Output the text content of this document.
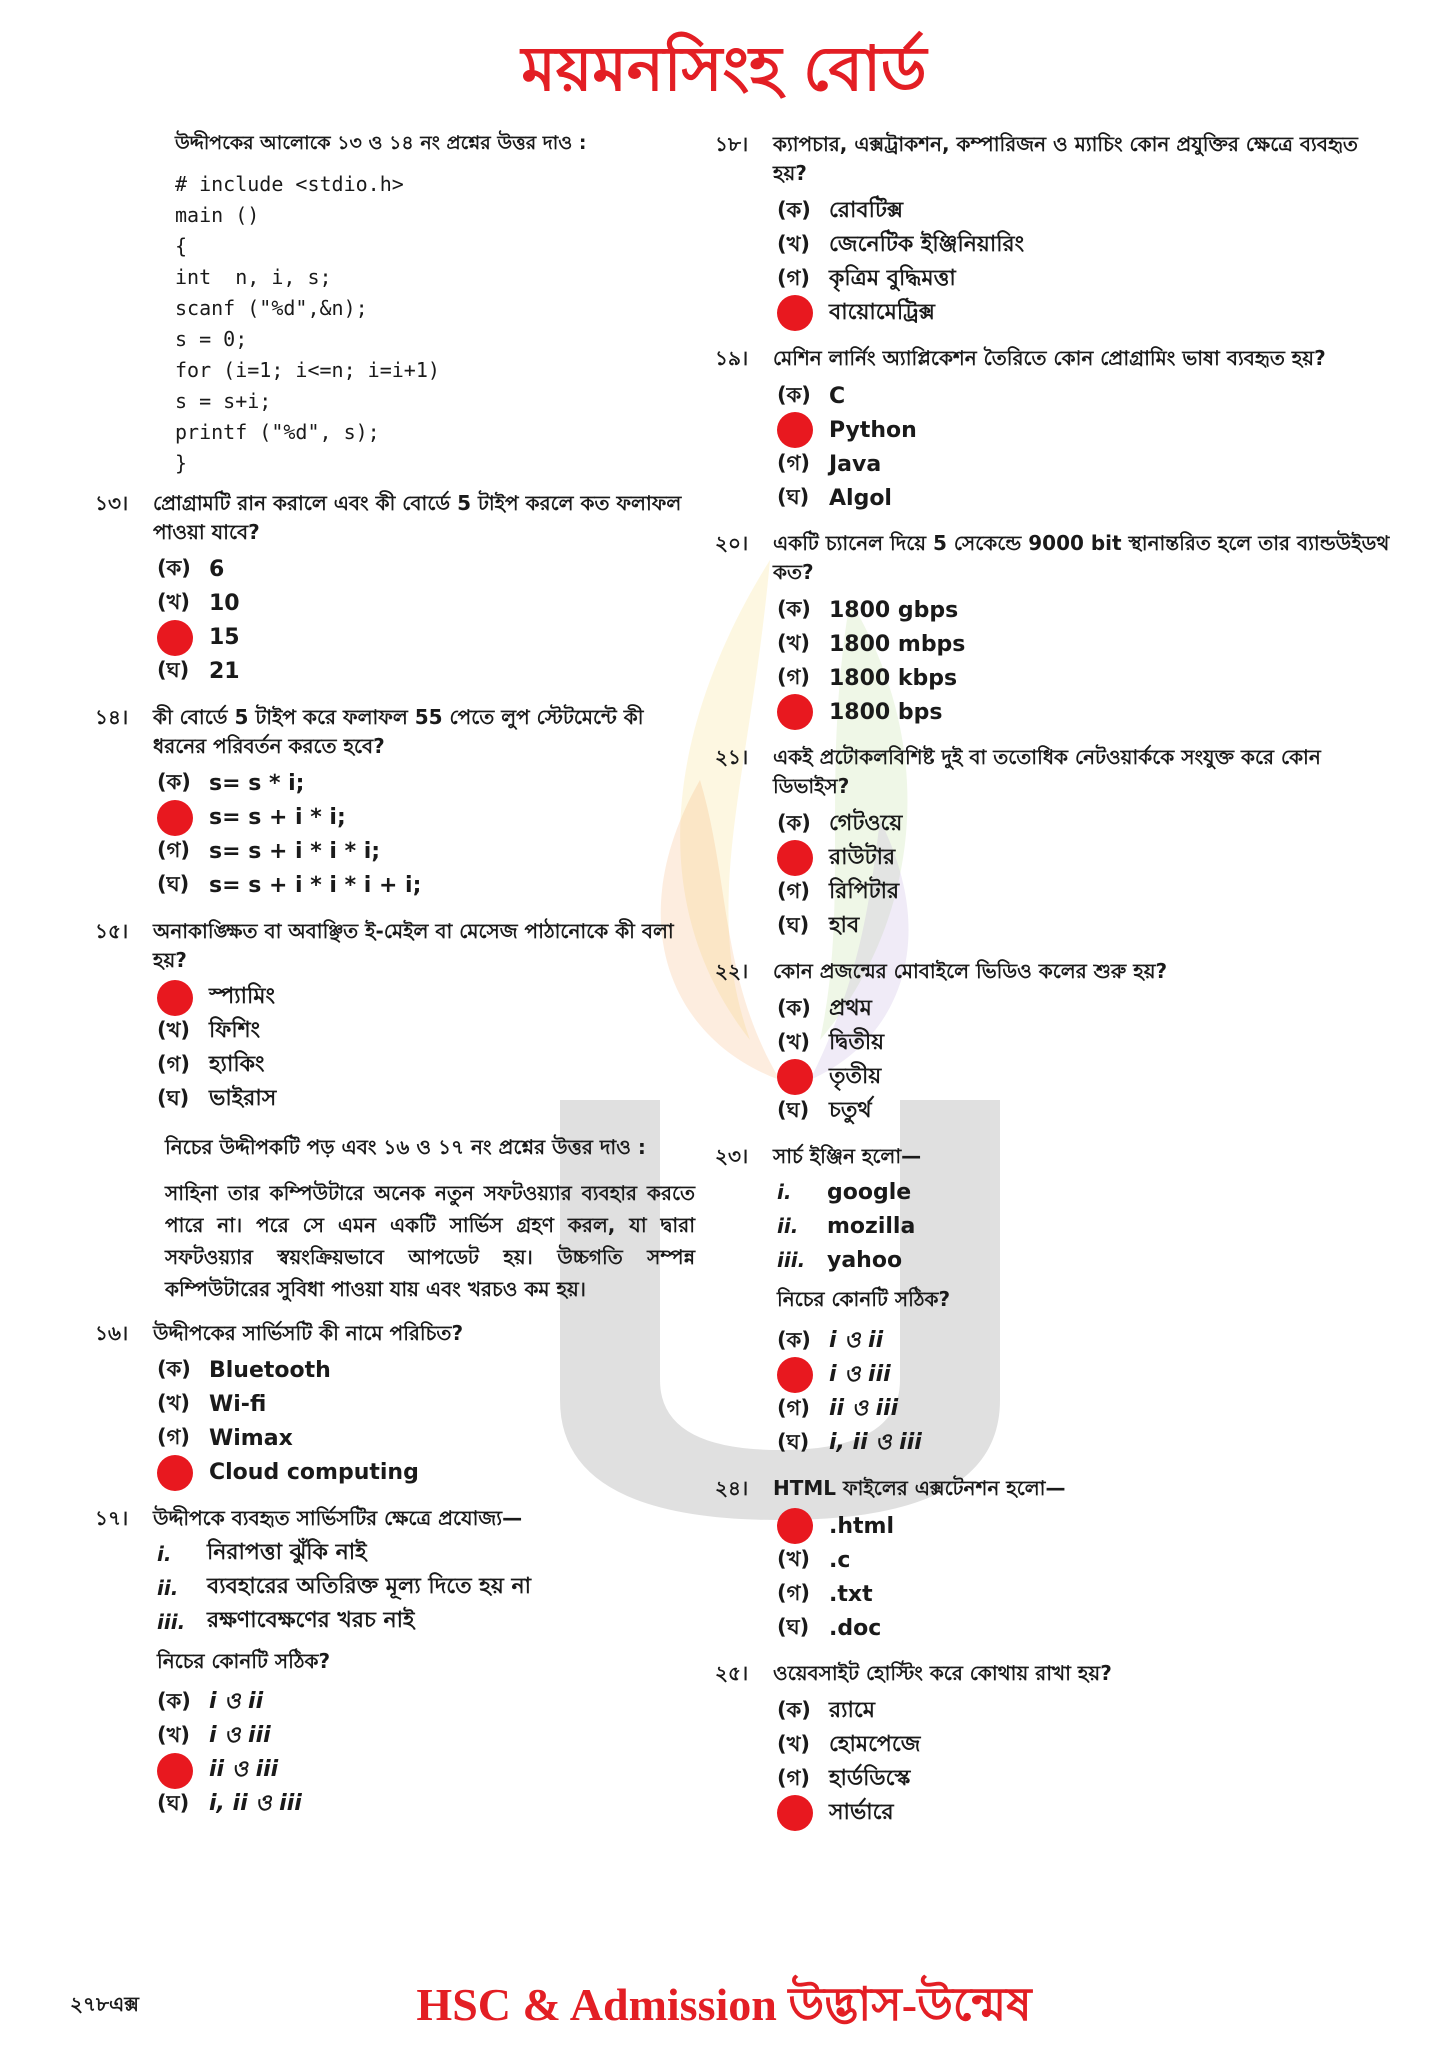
ময়মনসিংহ বোর্ড
উদ্দীপকের আলোকে ১৩ ও ১৪ নং প্রশ্নের উত্তর দাও :
# include <stdio.h>
main ()
{
int  n, i, s;
scanf ("%d",&n);
s = 0;
for (i=1; i<=n; i=i+1)
s = s+i;
printf ("%d", s);
}
১৩।	প্রোগ্রামটি রান করালে এবং কী বোর্ডে 5 টাইপ করলে কত ফলাফল পাওয়া যাবে?
(ক) 6
(খ) 10
15
(ঘ) 21
১৪।	কী বোর্ডে 5 টাইপ করে ফলাফল 55 পেতে লুপ স্টেটমেন্টে কী ধরনের পরিবর্তন করতে হবে?
(ক) s= s * i;
s= s + i * i;
(গ) s= s + i * i * i;
(ঘ) s= s + i * i * i + i;
১৫।	অনাকাঙ্ক্ষিত বা অবাঞ্ছিত ই-মেইল বা মেসেজ পাঠানোকে কী বলা হয়?
স্প্যামিং
(খ) ফিশিং
(গ) হ্যাকিং
(ঘ) ভাইরাস
নিচের উদ্দীপকটি পড় এবং ১৬ ও ১৭ নং প্রশ্নের উত্তর দাও :
সাহিনা তার কম্পিউটারে অনেক নতুন সফটওয়্যার ব্যবহার করতে পারে না। পরে সে এমন একটি সার্ভিস গ্রহণ করল, যা দ্বারা সফটওয়্যার স্বয়ংক্রিয়ভাবে আপডেট হয়। উচ্চগতি সম্পন্ন কম্পিউটারের সুবিধা পাওয়া যায় এবং খরচও কম হয়।
১৬।	উদ্দীপকের সার্ভিসটি কী নামে পরিচিত?
(ক) Bluetooth
(খ) Wi-fi
(গ) Wimax
Cloud computing
১৭।	উদ্দীপকে ব্যবহৃত সার্ভিসটির ক্ষেত্রে প্রযোজ্য—
i.	নিরাপত্তা ঝুঁকি নাই
ii.	ব্যবহারের অতিরিক্ত মূল্য দিতে হয় না
iii. রক্ষণাবেক্ষণের খরচ নাই
নিচের কোনটি সঠিক?
(ক) i ও ii
(খ) i ও iii
ii ও iii
(ঘ) i, ii ও iii
১৮।	ক্যাপচার, এক্সট্রাকশন, কম্পারিজন ও ম্যাচিং কোন প্রযুক্তির ক্ষেত্রে ব্যবহৃত হয়?
(ক) রোবটিক্স
(খ) জেনেটিক ইঞ্জিনিয়ারিং
(গ) কৃত্রিম বুদ্ধিমত্তা
বায়োমেট্রিক্স
১৯।	মেশিন লার্নিং অ্যাপ্লিকেশন তৈরিতে কোন প্রোগ্রামিং ভাষা ব্যবহৃত হয়?
(ক) C
Python
(গ) Java
(ঘ) Algol
২০।	একটি চ্যানেল দিয়ে 5 সেকেন্ডে 9000 bit স্থানান্তরিত হলে তার ব্যান্ডউইডথ কত?
(ক) 1800 gbps
(খ) 1800 mbps
(গ) 1800 kbps
1800 bps
২১।	একই প্রটোকলবিশিষ্ট দুই বা ততোধিক নেটওয়ার্ককে সংযুক্ত করে কোন ডিভাইস?
(ক) গেটওয়ে
রাউটার
(গ) রিপিটার
(ঘ) হাব
২২।	কোন প্রজন্মের মোবাইলে ভিডিও কলের শুরু হয়?
(ক) প্রথম
(খ) দ্বিতীয়
তৃতীয়
(ঘ) চতুর্থ
২৩।	সার্চ ইঞ্জিন হলো—
i.	google
ii.	mozilla
iii. yahoo
নিচের কোনটি সঠিক?
(ক) i ও ii
i ও iii
(গ) ii ও iii
(ঘ) i, ii ও iii
২৪।	HTML ফাইলের এক্সটেনশন হলো—
.html
(খ) .c
(গ) .txt
(ঘ) .doc
২৫।	ওয়েবসাইট হোস্টিং করে কোথায় রাখা হয়?
(ক) র‍্যামে
(খ) হোমপেজে
(গ) হার্ডডিস্কে
সার্ভারে
২৭৮এক্স	HSC & Admission উদ্ভাস-উন্মেষ
